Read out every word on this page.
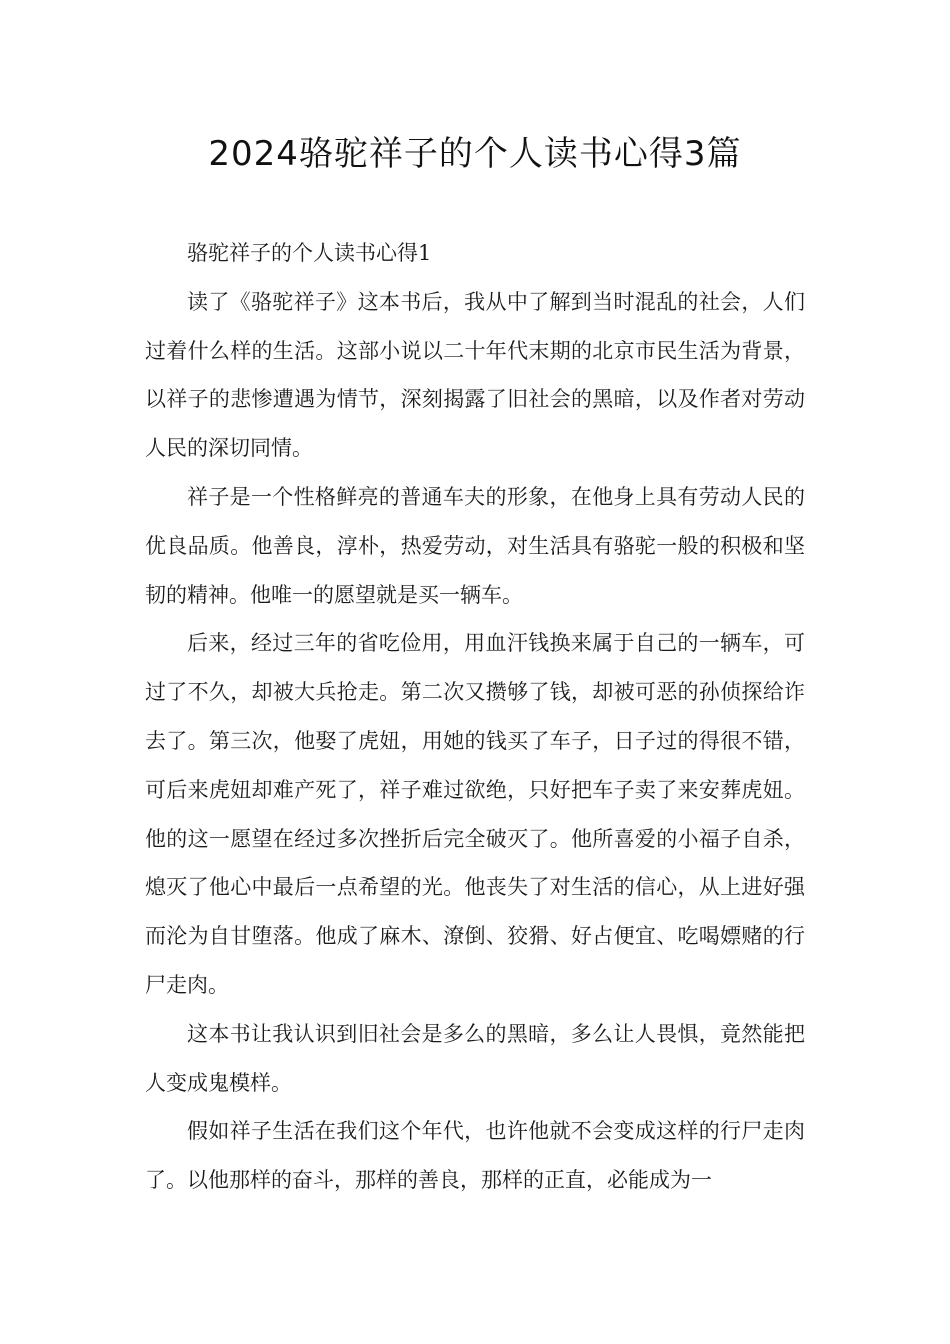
2024骆驼祥子的个人读书心得3篇

骆驼祥子的个人读书心得1

读了《骆驼祥子》这本书后，我从中了解到当时混乱的社会，人们过着什么样的生活。这部小说以二十年代末期的北京市民生活为背景，以祥子的悲惨遭遇为情节，深刻揭露了旧社会的黑暗，以及作者对劳动人民的深切同情。

祥子是一个性格鲜亮的普通车夫的形象，在他身上具有劳动人民的优良品质。他善良，淳朴，热爱劳动，对生活具有骆驼一般的积极和坚韧的精神。他唯一的愿望就是买一辆车。

后来，经过三年的省吃俭用，用血汗钱换来属于自己的一辆车，可过了不久，却被大兵抢走。第二次又攒够了钱，却被可恶的孙侦探给诈去了。第三次，他娶了虎妞，用她的钱买了车子，日子过的得很不错，可后来虎妞却难产死了，祥子难过欲绝，只好把车子卖了来安葬虎妞。他的这一愿望在经过多次挫折后完全破灭了。他所喜爱的小福子自杀，熄灭了他心中最后一点希望的光。他丧失了对生活的信心，从上进好强而沦为自甘堕落。他成了麻木、潦倒、狡猾、好占便宜、吃喝嫖赌的行尸走肉。

这本书让我认识到旧社会是多么的黑暗，多么让人畏惧，竟然能把人变成鬼模样。

假如祥子生活在我们这个年代，也许他就不会变成这样的行尸走肉了。以他那样的奋斗，那样的善良，那样的正直，必能成为一
